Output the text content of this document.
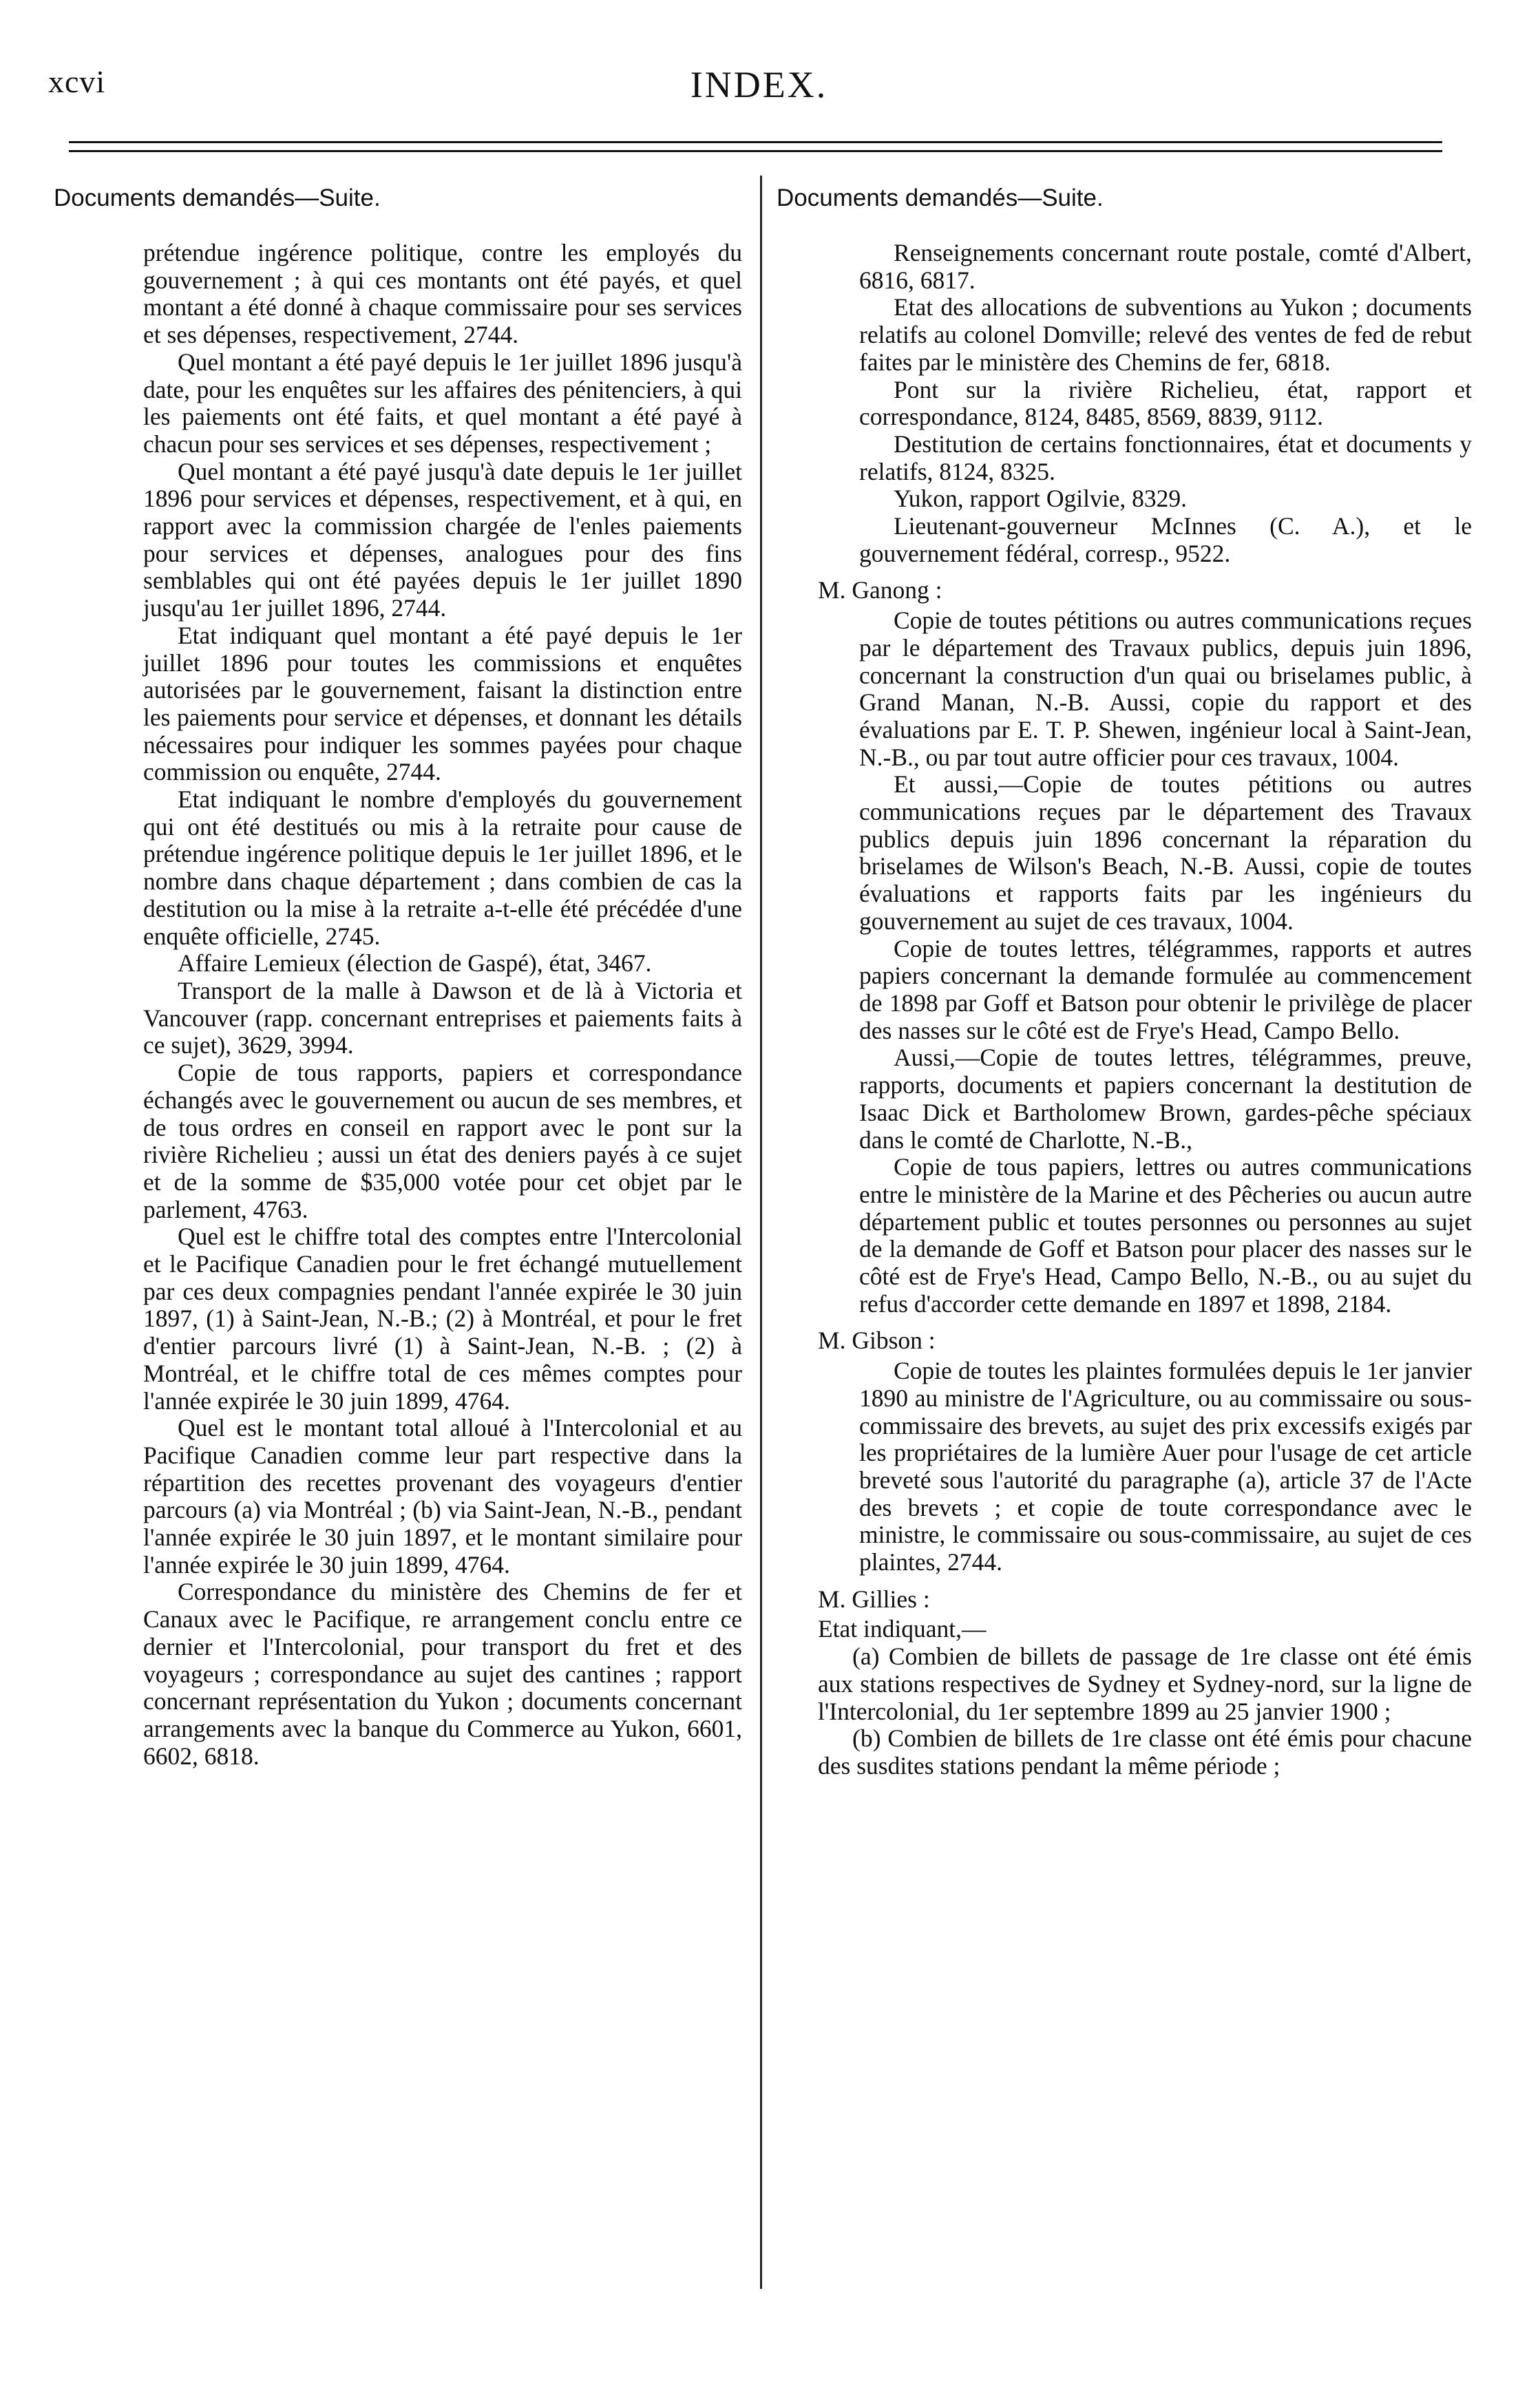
xcvi	INDEX.

Documents demandés—Suite.

prétendue ingérence politique, contre les employés du gouvernement ; à qui ces montants ont été payés, et quel montant a été donné à chaque commissaire pour ses services et ses dépenses, respectivement, 2744.

Quel montant a été payé depuis le 1er juillet 1896 jusqu'à date, pour les enquêtes sur les affaires des pénitenciers, à qui les paiements ont été faits, et quel montant a été payé à chacun pour ses services et ses dépenses, respectivement ;

Quel montant a été payé jusqu'à date depuis le 1er juillet 1896 pour services et dépenses, respectivement, et à qui, en rapport avec la commission chargée de l'enles paiements pour services et dépenses, analogues pour des fins semblables qui ont été payées depuis le 1er juillet 1890 jusqu'au 1er juillet 1896, 2744.

Etat indiquant quel montant a été payé depuis le 1er juillet 1896 pour toutes les commissions et enquêtes autorisées par le gouvernement, faisant la distinction entre les paiements pour service et dépenses, et donnant les détails nécessaires pour indiquer les sommes payées pour chaque commission ou enquête, 2744.

Etat indiquant le nombre d'employés du gouvernement qui ont été destitués ou mis à la retraite pour cause de prétendue ingérence politique depuis le 1er juillet 1896, et le nombre dans chaque département ; dans combien de cas la destitution ou la mise à la retraite a-t-elle été précédée d'une enquête officielle, 2745.

Affaire Lemieux (élection de Gaspé), état, 3467.

Transport de la malle à Dawson et de là à Victoria et Vancouver (rapp. concernant entreprises et paiements faits à ce sujet), 3629, 3994.

Copie de tous rapports, papiers et correspondance échangés avec le gouvernement ou aucun de ses membres, et de tous ordres en conseil en rapport avec le pont sur la rivière Richelieu ; aussi un état des deniers payés à ce sujet et de la somme de $35,000 votée pour cet objet par le parlement, 4763.

Quel est le chiffre total des comptes entre l'Intercolonial et le Pacifique Canadien pour le fret échangé mutuellement par ces deux compagnies pendant l'année expirée le 30 juin 1897, (1) à Saint-Jean, N.-B.; (2) à Montréal, et pour le fret d'entier parcours livré (1) à Saint-Jean, N.-B. ; (2) à Montréal, et le chiffre total de ces mêmes comptes pour l'année expirée le 30 juin 1899, 4764.

Quel est le montant total alloué à l'Intercolonial et au Pacifique Canadien comme leur part respective dans la répartition des recettes provenant des voyageurs d'entier parcours (a) via Montréal ; (b) via Saint-Jean, N.-B., pendant l'année expirée le 30 juin 1897, et le montant similaire pour l'année expirée le 30 juin 1899, 4764.

Correspondance du ministère des Chemins de fer et Canaux avec le Pacifique, re arrangement conclu entre ce dernier et l'Intercolonial, pour transport du fret et des voyageurs ; correspondance au sujet des cantines ; rapport concernant représentation du Yukon ; documents concernant arrangements avec la banque du Commerce au Yukon, 6601, 6602, 6818.

Documents demandés—Suite.

Renseignements concernant route postale, comté d'Albert, 6816, 6817.

Etat des allocations de subventions au Yukon ; documents relatifs au colonel Domville; relevé des ventes de fed de rebut faites par le ministère des Chemins de fer, 6818.

Pont sur la rivière Richelieu, état, rapport et correspondance, 8124, 8485, 8569, 8839, 9112.

Destitution de certains fonctionnaires, état et documents y relatifs, 8124, 8325.

Yukon, rapport Ogilvie, 8329.

Lieutenant-gouverneur McInnes (C. A.), et le gouvernement fédéral, corresp., 9522.

M. Ganong :

Copie de toutes pétitions ou autres communications reçues par le département des Travaux publics, depuis juin 1896, concernant la construction d'un quai ou briselames public, à Grand Manan, N.-B. Aussi, copie du rapport et des évaluations par E. T. P. Shewen, ingénieur local à Saint-Jean, N.-B., ou par tout autre officier pour ces travaux, 1004.

Et aussi,—Copie de toutes pétitions ou autres communications reçues par le département des Travaux publics depuis juin 1896 concernant la réparation du briselames de Wilson's Beach, N.-B. Aussi, copie de toutes évaluations et rapports faits par les ingénieurs du gouvernement au sujet de ces travaux, 1004.

Copie de toutes lettres, télégrammes, rapports et autres papiers concernant la demande formulée au commencement de 1898 par Goff et Batson pour obtenir le privilège de placer des nasses sur le côté est de Frye's Head, Campo Bello.

Aussi,—Copie de toutes lettres, télégrammes, preuve, rapports, documents et papiers concernant la destitution de Isaac Dick et Bartholomew Brown, gardes-pêche spéciaux dans le comté de Charlotte, N.-B.,

Copie de tous papiers, lettres ou autres communications entre le ministère de la Marine et des Pêcheries ou aucun autre département public et toutes personnes ou personnes au sujet de la demande de Goff et Batson pour placer des nasses sur le côté est de Frye's Head, Campo Bello, N.-B., ou au sujet du refus d'accorder cette demande en 1897 et 1898, 2184.

M. Gibson :

Copie de toutes les plaintes formulées depuis le 1er janvier 1890 au ministre de l'Agriculture, ou au commissaire ou sous-commissaire des brevets, au sujet des prix excessifs exigés par les propriétaires de la lumière Auer pour l'usage de cet article breveté sous l'autorité du paragraphe (a), article 37 de l'Acte des brevets ; et copie de toute correspondance avec le ministre, le commissaire ou sous-commissaire, au sujet de ces plaintes, 2744.

M. Gillies :

Etat indiquant,—

(a) Combien de billets de passage de 1re classe ont été émis aux stations respectives de Sydney et Sydney-nord, sur la ligne de l'Intercolonial, du 1er septembre 1899 au 25 janvier 1900 ;

(b) Combien de billets de 1re classe ont été émis pour chacune des susdites stations pendant la même période ;
